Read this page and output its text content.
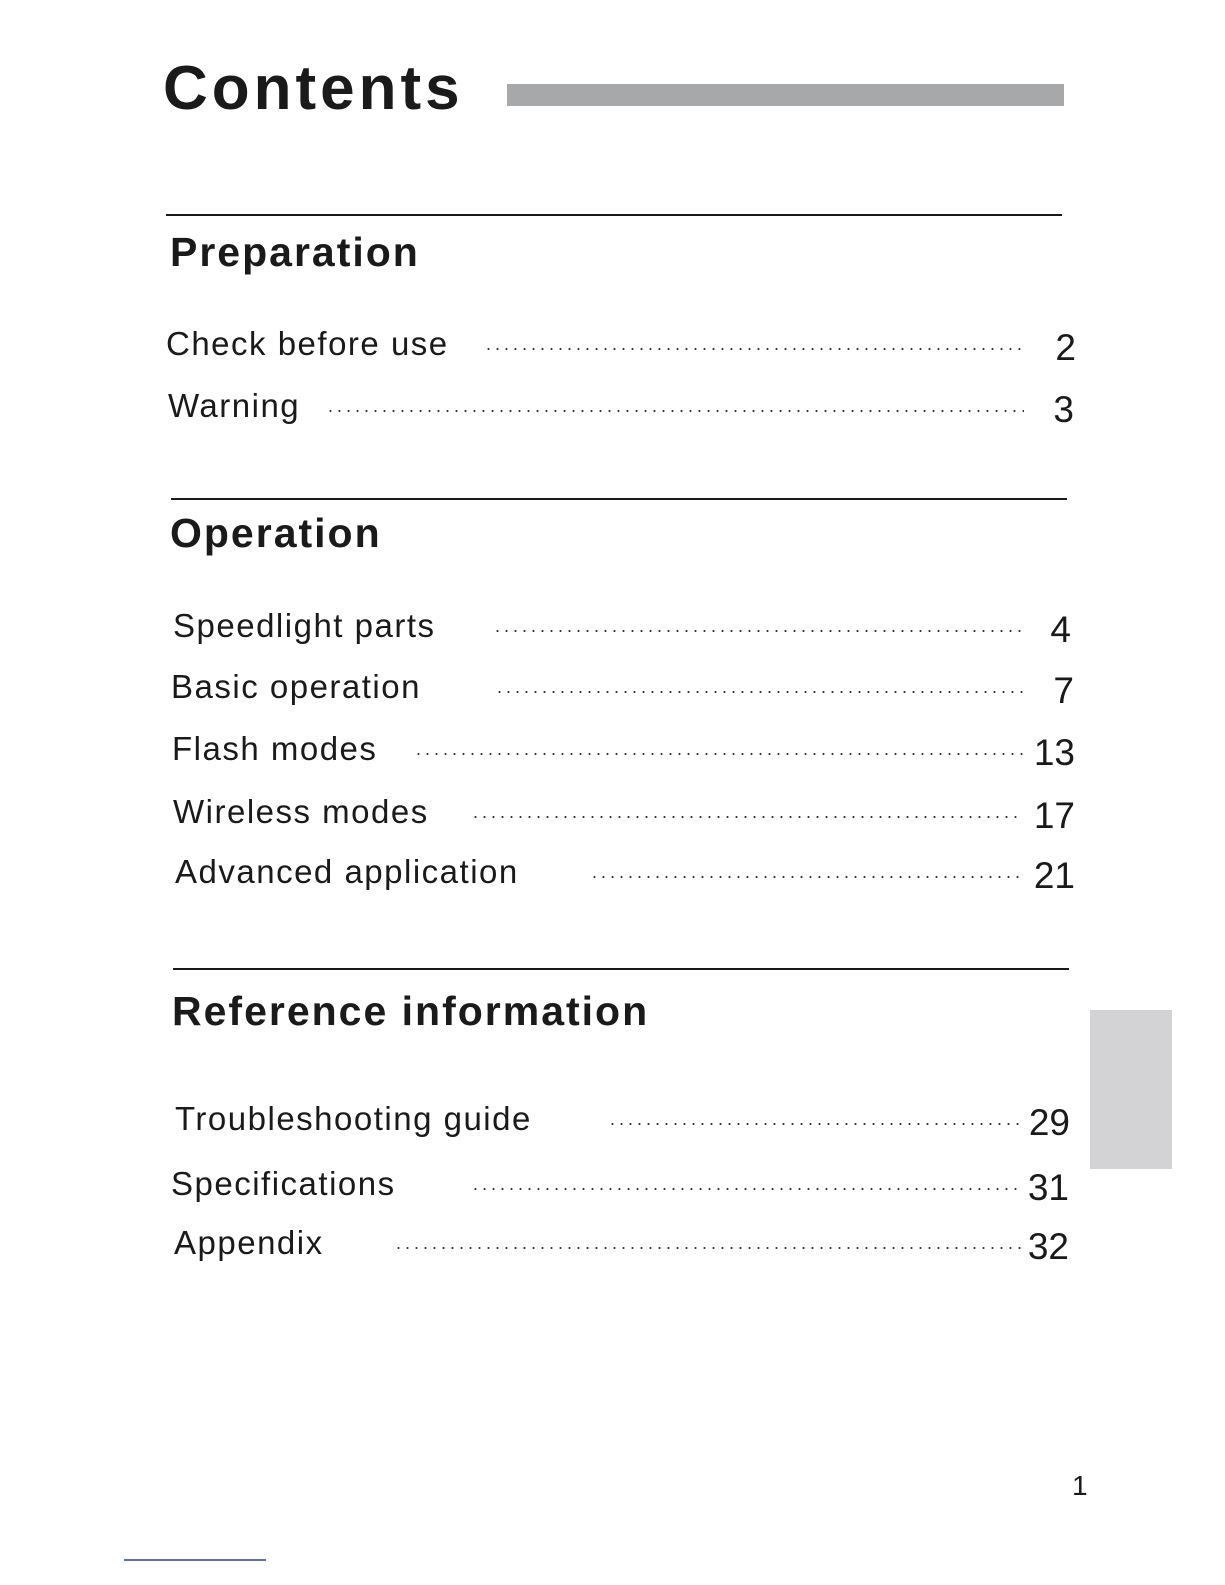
Contents
Preparation
Check before use	2
Warning	3
Operation
Speedlight parts	4
Basic operation	7
Flash modes	13
Wireless modes	17
Advanced application	21
Reference information
Troubleshooting guide	29
Specifications	31
Appendix	32
1
